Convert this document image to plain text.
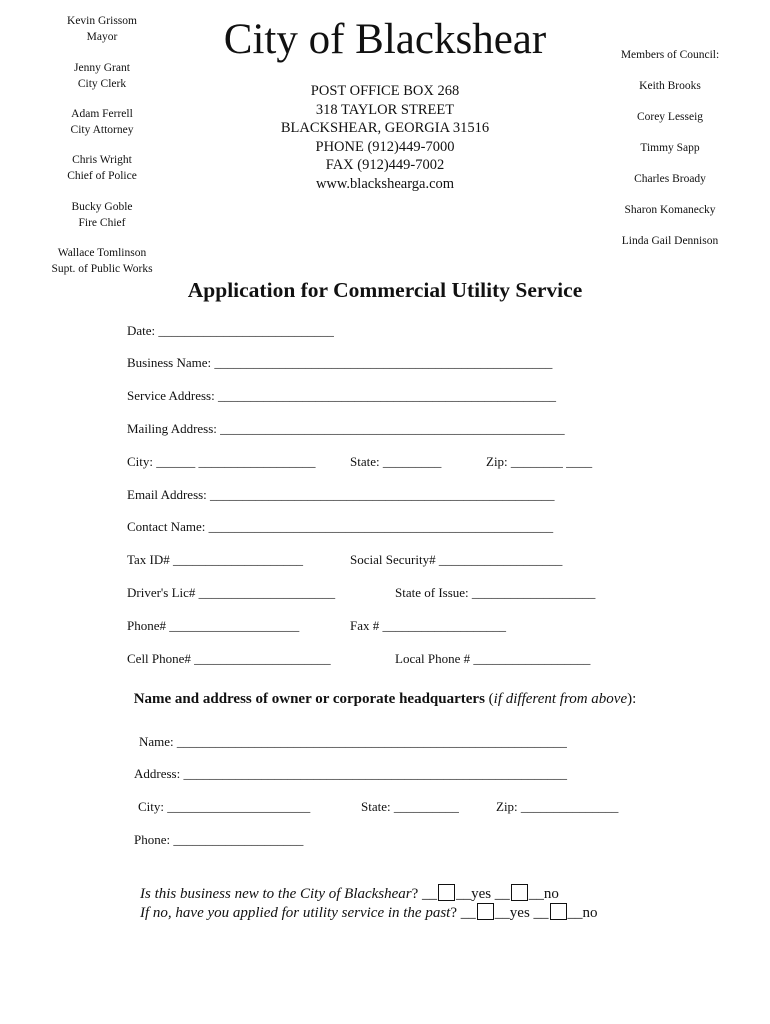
Kevin Grissom
Mayor
Jenny Grant
City Clerk
Adam Ferrell
City Attorney
Chris Wright
Chief of Police
Bucky Goble
Fire Chief
Wallace Tomlinson
Supt. of Public Works
City of Blackshear
POST OFFICE BOX 268
318 TAYLOR STREET
BLACKSHEAR, GEORGIA 31516
PHONE (912)449-7000
FAX (912)449-7002
www.blackshearga.com
Members of Council:
Keith Brooks
Corey Lesseig
Timmy Sapp
Charles Broady
Sharon Komanecky
Linda Gail Dennison
Application for Commercial Utility Service
Date: ___________________________
Business Name: ____________________________________________________
Service Address: ____________________________________________________
Mailing Address: _____________________________________________________
City: ______ __________________	State: _________	Zip: ________ ____
Email Address: _____________________________________________________
Contact Name: _____________________________________________________
Tax ID# ____________________	Social Security# ___________________
Driver's Lic# _____________________	State of Issue: ___________________
Phone# ____________________	Fax # ___________________
Cell Phone# _____________________	Local Phone # __________________
Name and address of owner or corporate headquarters (if different from above):
Name: ____________________________________________________________
Address: ___________________________________________________________
City: ______________________	State: __________	Zip: _______________
Phone: ____________________
Is this business new to the City of Blackshear? __ __yes __ __no
If no, have you applied for utility service in the past? __ __yes __ __no
